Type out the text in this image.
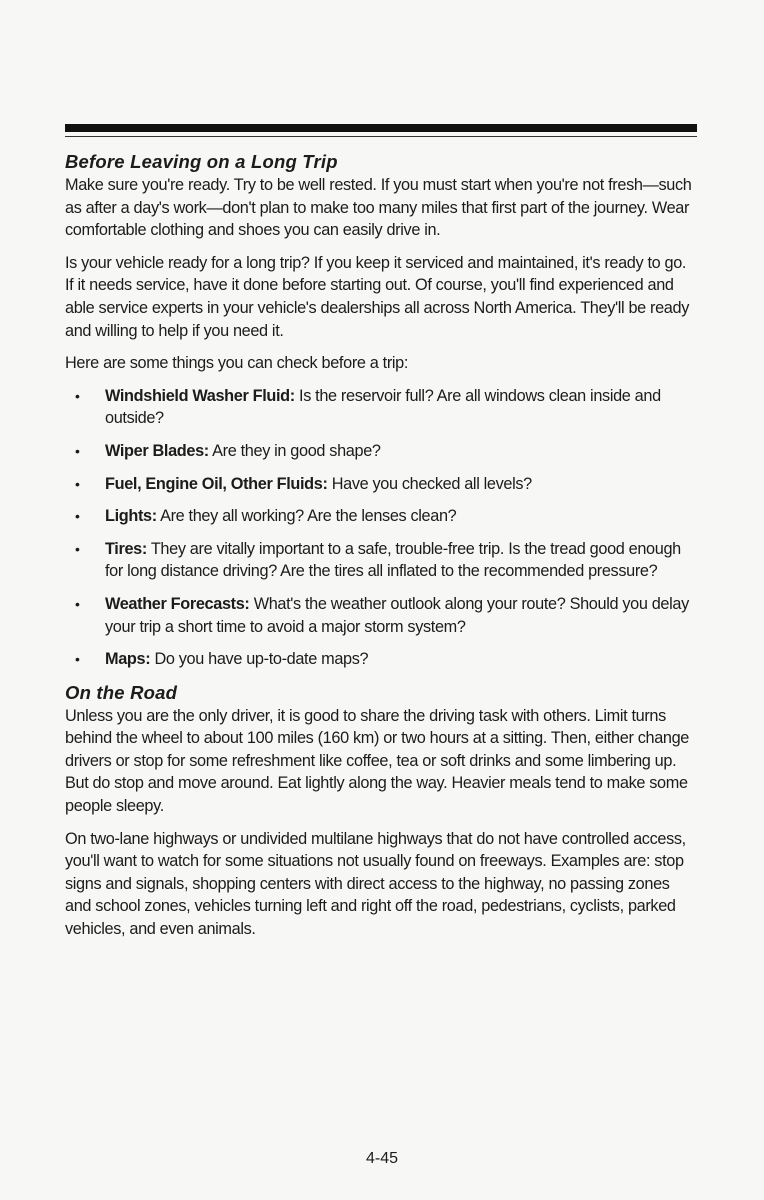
Before Leaving on a Long Trip

Make sure you're ready. Try to be well rested. If you must start when you're not fresh—such as after a day's work—don't plan to make too many miles that first part of the journey. Wear comfortable clothing and shoes you can easily drive in.

Is your vehicle ready for a long trip? If you keep it serviced and maintained, it's ready to go. If it needs service, have it done before starting out. Of course, you'll find experienced and able service experts in your vehicle's dealerships all across North America. They'll be ready and willing to help if you need it.

Here are some things you can check before a trip:

• Windshield Washer Fluid: Is the reservoir full? Are all windows clean inside and outside?
• Wiper Blades: Are they in good shape?
• Fuel, Engine Oil, Other Fluids: Have you checked all levels?
• Lights: Are they all working? Are the lenses clean?
• Tires: They are vitally important to a safe, trouble-free trip. Is the tread good enough for long distance driving? Are the tires all inflated to the recommended pressure?
• Weather Forecasts: What's the weather outlook along your route? Should you delay your trip a short time to avoid a major storm system?
• Maps: Do you have up-to-date maps?
On the Road

Unless you are the only driver, it is good to share the driving task with others. Limit turns behind the wheel to about 100 miles (160 km) or two hours at a sitting. Then, either change drivers or stop for some refreshment like coffee, tea or soft drinks and some limbering up. But do stop and move around. Eat lightly along the way. Heavier meals tend to make some people sleepy.

On two-lane highways or undivided multilane highways that do not have controlled access, you'll want to watch for some situations not usually found on freeways. Examples are: stop signs and signals, shopping centers with direct access to the highway, no passing zones and school zones, vehicles turning left and right off the road, pedestrians, cyclists, parked vehicles, and even animals.

4-45
